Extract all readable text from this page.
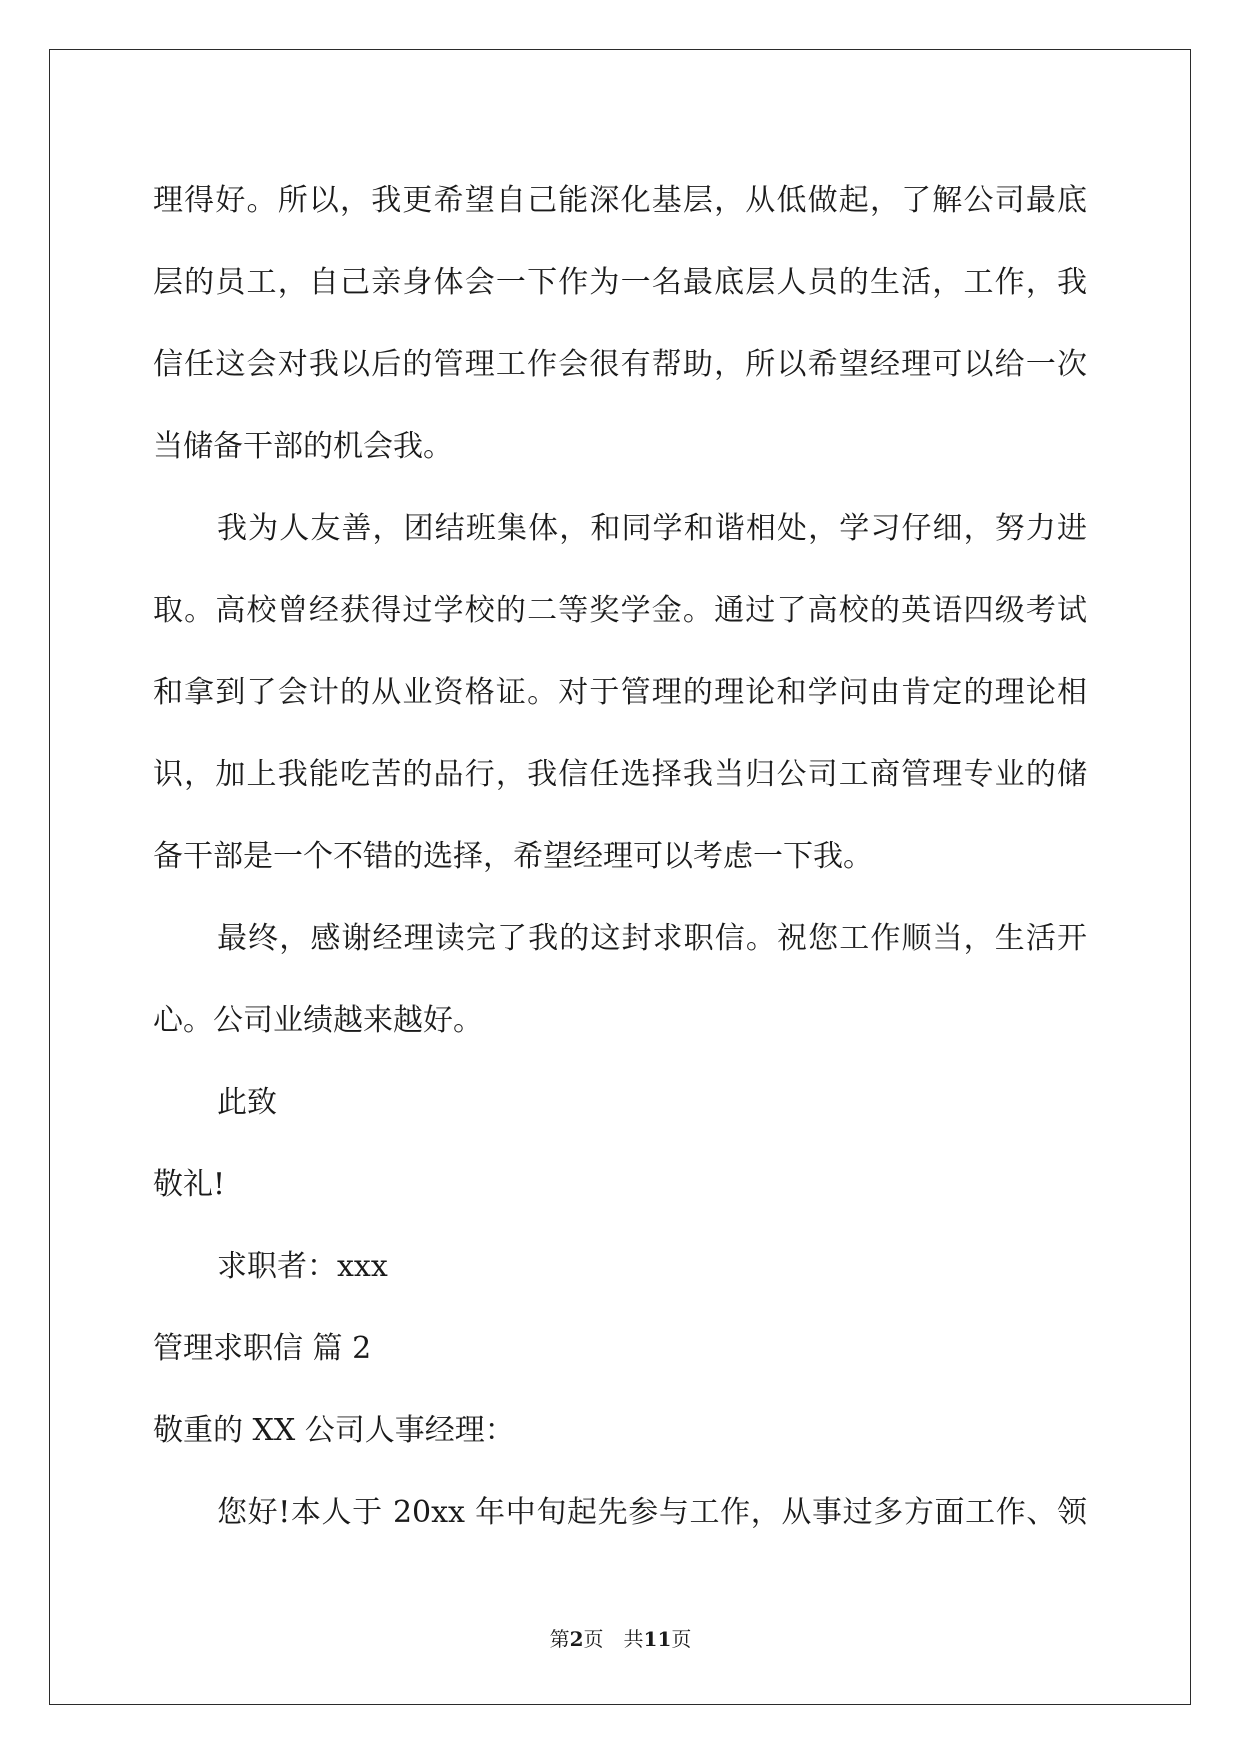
理得好。所以，我更希望自己能深化基层，从低做起，了解公司最底
层的员工，自己亲身体会一下作为一名最底层人员的生活，工作，我
信任这会对我以后的管理工作会很有帮助，所以希望经理可以给一次
当储备干部的机会我。
我为人友善，团结班集体，和同学和谐相处，学习仔细，努力进
取。高校曾经获得过学校的二等奖学金。通过了高校的英语四级考试
和拿到了会计的从业资格证。对于管理的理论和学问由肯定的理论相
识，加上我能吃苦的品行，我信任选择我当归公司工商管理专业的储
备干部是一个不错的选择，希望经理可以考虑一下我。
最终，感谢经理读完了我的这封求职信。祝您工作顺当，生活开
心。公司业绩越来越好。
此致
敬礼!
求职者：xxx
管理求职信 篇 2
敬重的 XX 公司人事经理：
您好!本人于 20xx 年中旬起先参与工作，从事过多方面工作、领
第2页 共11页
